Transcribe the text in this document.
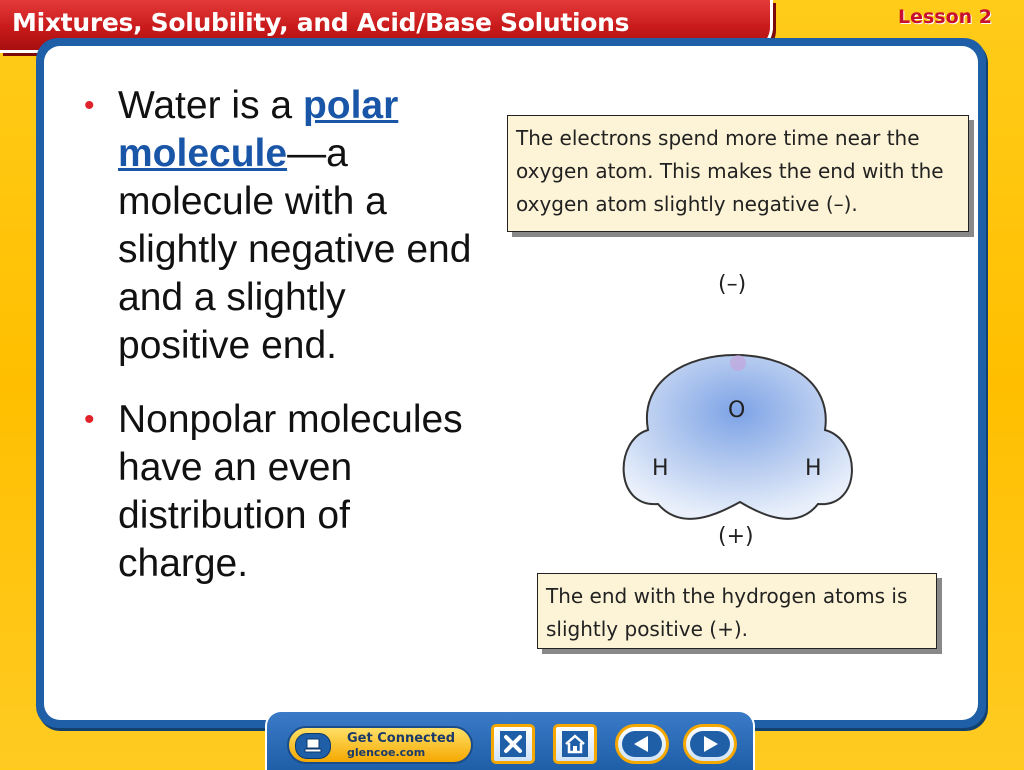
Mixtures, Solubility, and Acid/Base Solutions	Lesson 2
• Water is a polar molecule—a molecule with a slightly negative end and a slightly positive end.
• Nonpolar molecules have an even distribution of charge.
The electrons spend more time near the oxygen atom. This makes the end with the oxygen atom slightly negative (–).
(–)
O
H	H
(+)
The end with the hydrogen atoms is slightly positive (+).
Get Connected
glencoe.com
